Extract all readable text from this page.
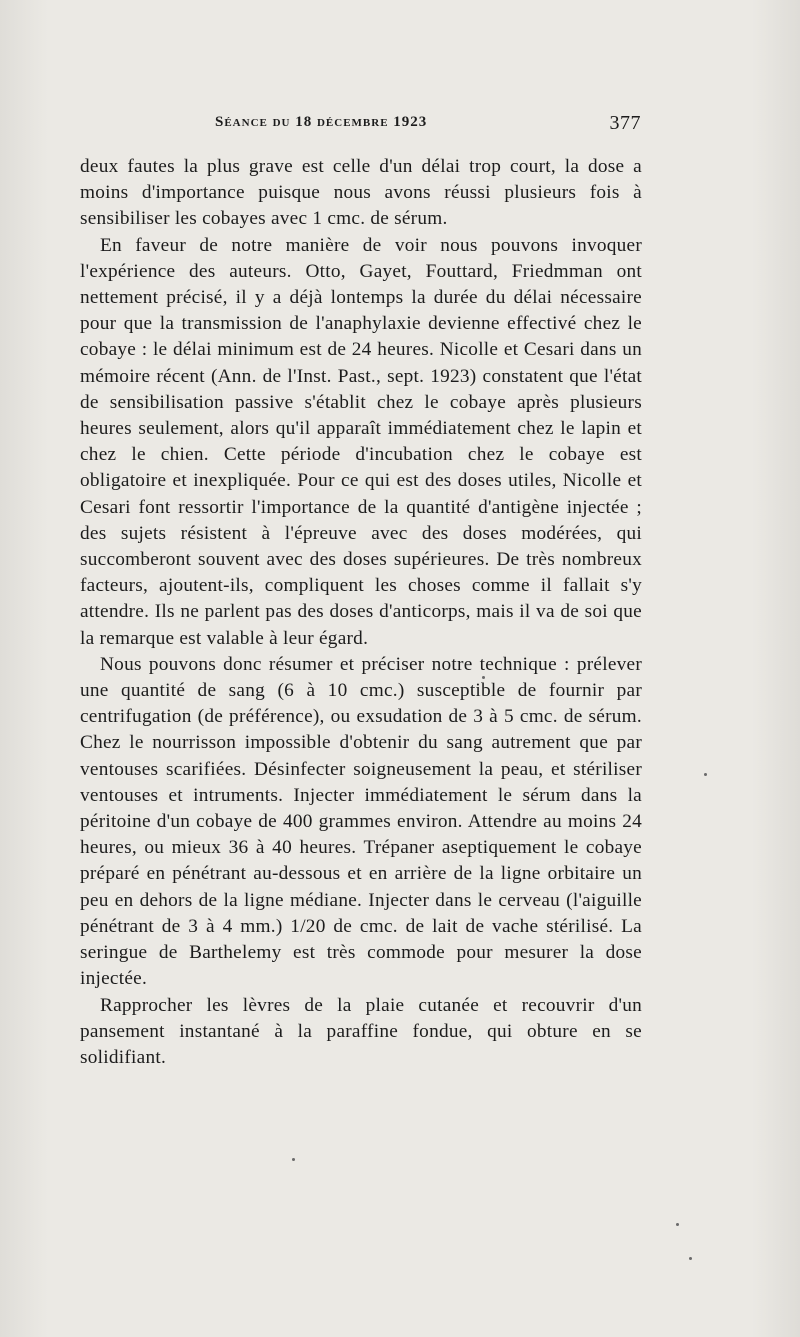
Séance du 18 décembre 1923	377

deux fautes la plus grave est celle d'un délai trop court, la dose a moins d'importance puisque nous avons réussi plusieurs fois à sensibiliser les cobayes avec 1 cmc. de sérum.

En faveur de notre manière de voir nous pouvons invoquer l'expérience des auteurs. Otto, Gayet, Fouttard, Friedmman ont nettement précisé, il y a déjà lontemps la durée du délai nécessaire pour que la transmission de l'anaphylaxie devienne effectivé chez le cobaye : le délai minimum est de 24 heures. Nicolle et Cesari dans un mémoire récent (Ann. de l'Inst. Past., sept. 1923) constatent que l'état de sensibilisation passive s'établit chez le cobaye après plusieurs heures seulement, alors qu'il apparaît immédiatement chez le lapin et chez le chien. Cette période d'incubation chez le cobaye est obligatoire et inexpliquée. Pour ce qui est des doses utiles, Nicolle et Cesari font ressortir l'importance de la quantité d'antigène injectée ; des sujets résistent à l'épreuve avec des doses modérées, qui succomberont souvent avec des doses supérieures. De très nombreux facteurs, ajoutent-ils, compliquent les choses comme il fallait s'y attendre. Ils ne parlent pas des doses d'anticorps, mais il va de soi que la remarque est valable à leur égard.

Nous pouvons donc résumer et préciser notre technique : prélever une quantité de sang (6 à 10 cmc.) susceptible de fournir par centrifugation (de préférence), ou exsudation de 3 à 5 cmc. de sérum. Chez le nourrisson impossible d'obtenir du sang autrement que par ventouses scarifiées. Désinfecter soigneusement la peau, et stériliser ventouses et intruments. Injecter immédiatement le sérum dans la péritoine d'un cobaye de 400 grammes environ. Attendre au moins 24 heures, ou mieux 36 à 40 heures. Trépaner aseptiquement le cobaye préparé en pénétrant au-dessous et en arrière de la ligne orbitaire un peu en dehors de la ligne médiane. Injecter dans le cerveau (l'aiguille pénétrant de 3 à 4 mm.) 1/20 de cmc. de lait de vache stérilisé. La seringue de Barthelemy est très commode pour mesurer la dose injectée.

Rapprocher les lèvres de la plaie cutanée et recouvrir d'un pansement instantané à la paraffine fondue, qui obture en se solidifiant.
